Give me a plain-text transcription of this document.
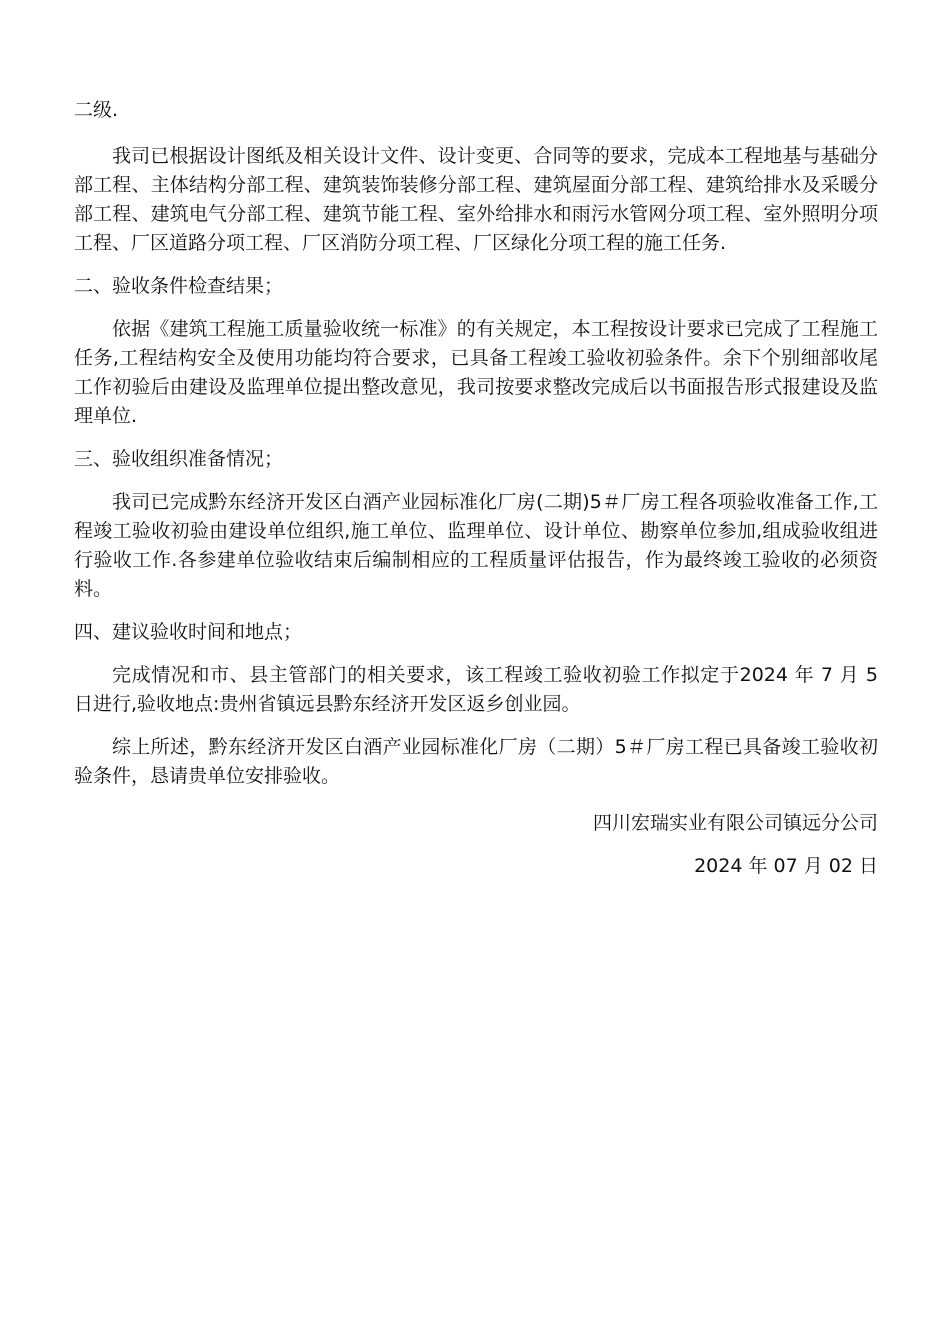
二级.

我司已根据设计图纸及相关设计文件、设计变更、合同等的要求，完成本工程地基与基础分部工程、主体结构分部工程、建筑装饰装修分部工程、建筑屋面分部工程、建筑给排水及采暖分部工程、建筑电气分部工程、建筑节能工程、室外给排水和雨污水管网分项工程、室外照明分项工程、厂区道路分项工程、厂区消防分项工程、厂区绿化分项工程的施工任务.

二、验收条件检查结果；

依据《建筑工程施工质量验收统一标准》的有关规定，本工程按设计要求已完成了工程施工任务,工程结构安全及使用功能均符合要求，已具备工程竣工验收初验条件。余下个别细部收尾工作初验后由建设及监理单位提出整改意见，我司按要求整改完成后以书面报告形式报建设及监理单位.

三、验收组织准备情况；

我司已完成黔东经济开发区白酒产业园标准化厂房(二期)5＃厂房工程各项验收准备工作,工程竣工验收初验由建设单位组织,施工单位、监理单位、设计单位、勘察单位参加,组成验收组进行验收工作.各参建单位验收结束后编制相应的工程质量评估报告，作为最终竣工验收的必须资料。

四、建议验收时间和地点；

完成情况和市、县主管部门的相关要求，该工程竣工验收初验工作拟定于2024 年 7 月 5 日进行,验收地点:贵州省镇远县黔东经济开发区返乡创业园。

综上所述，黔东经济开发区白酒产业园标准化厂房（二期）5＃厂房工程已具备竣工验收初验条件，恳请贵单位安排验收。

四川宏瑞实业有限公司镇远分公司

2024 年 07 月 02 日
